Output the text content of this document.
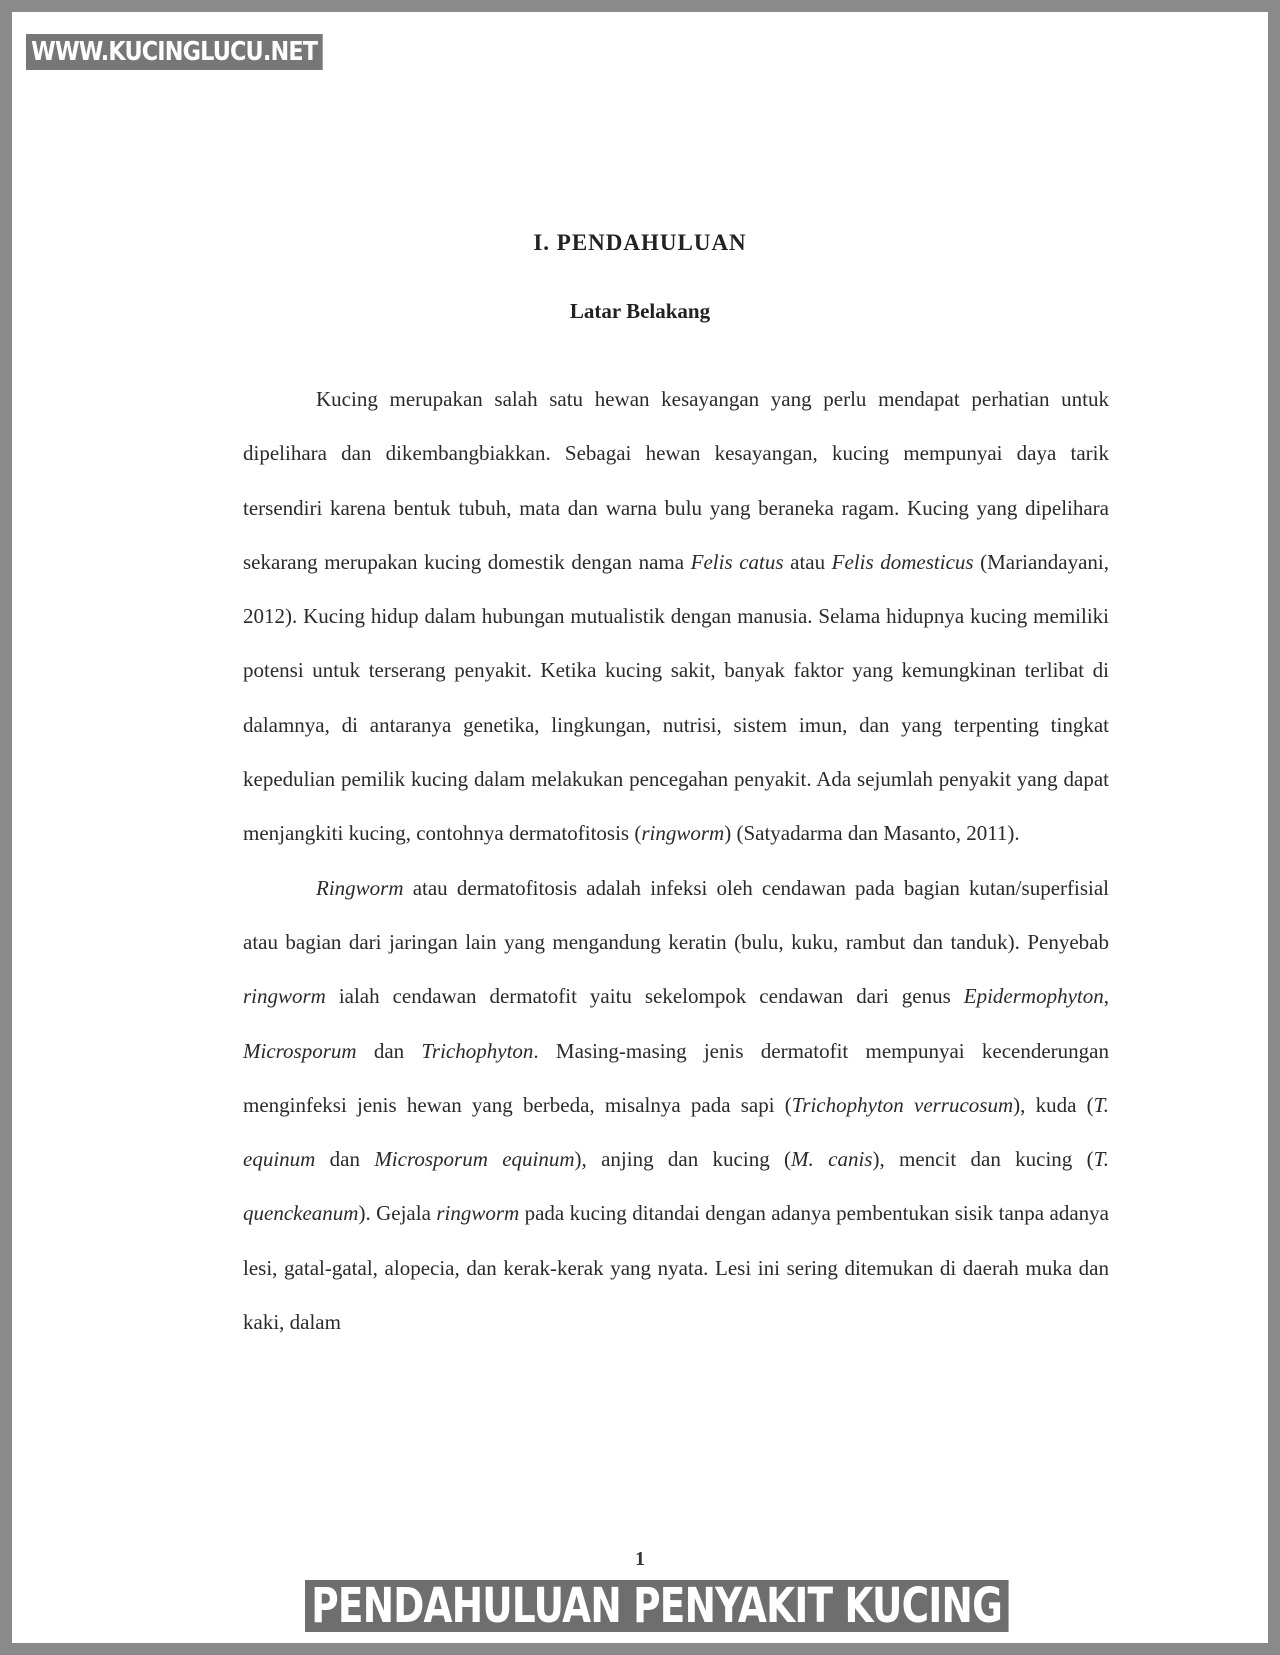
I. PENDAHULUAN
Latar Belakang

Kucing merupakan salah satu hewan kesayangan yang perlu mendapat perhatian untuk dipelihara dan dikembangbiakkan. Sebagai hewan kesayangan, kucing mempunyai daya tarik tersendiri karena bentuk tubuh, mata dan warna bulu yang beraneka ragam. Kucing yang dipelihara sekarang merupakan kucing domestik dengan nama Felis catus atau Felis domesticus (Mariandayani, 2012). Kucing hidup dalam hubungan mutualistik dengan manusia. Selama hidupnya kucing memiliki potensi untuk terserang penyakit. Ketika kucing sakit, banyak faktor yang kemungkinan terlibat di dalamnya, di antaranya genetika, lingkungan, nutrisi, sistem imun, dan yang terpenting tingkat kepedulian pemilik kucing dalam melakukan pencegahan penyakit. Ada sejumlah penyakit yang dapat menjangkiti kucing, contohnya dermatofitosis (ringworm) (Satyadarma dan Masanto, 2011).

Ringworm atau dermatofitosis adalah infeksi oleh cendawan pada bagian kutan/superfisial atau bagian dari jaringan lain yang mengandung keratin (bulu, kuku, rambut dan tanduk). Penyebab ringworm ialah cendawan dermatofit yaitu sekelompok cendawan dari genus Epidermophyton, Microsporum dan Trichophyton. Masing-masing jenis dermatofit mempunyai kecenderungan menginfeksi jenis hewan yang berbeda, misalnya pada sapi (Trichophyton verrucosum), kuda (T. equinum dan Microsporum equinum), anjing dan kucing (M. canis), mencit dan kucing (T. quenckeanum). Gejala ringworm pada kucing ditandai dengan adanya pembentukan sisik tanpa adanya lesi, gatal-gatal, alopecia, dan kerak-kerak yang nyata. Lesi ini sering ditemukan di daerah muka dan kaki, dalam

1
WWW.KUCINGLUCU.NET
PENDAHULUAN PENYAKIT KUCING
